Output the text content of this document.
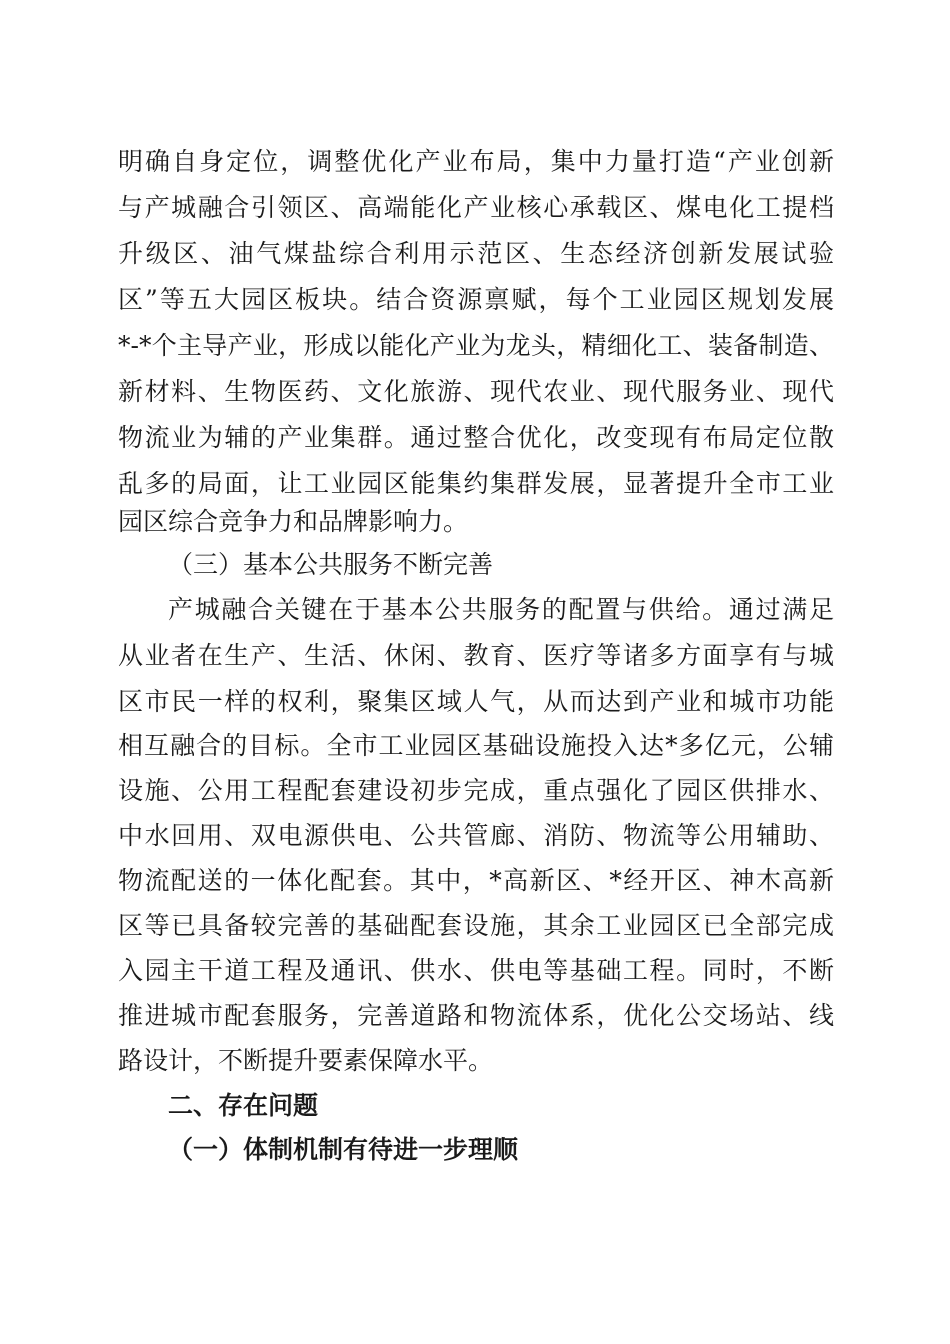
明确自身定位，调整优化产业布局，集中力量打造“产业创新
与产城融合引领区、高端能化产业核心承载区、煤电化工提档
升级区、油气煤盐综合利用示范区、生态经济创新发展试验
区”等五大园区板块。结合资源禀赋，每个工业园区规划发展
*-*个主导产业，形成以能化产业为龙头，精细化工、装备制造、
新材料、生物医药、文化旅游、现代农业、现代服务业、现代
物流业为辅的产业集群。通过整合优化，改变现有布局定位散
乱多的局面，让工业园区能集约集群发展，显著提升全市工业
园区综合竞争力和品牌影响力。
（三）基本公共服务不断完善
产城融合关键在于基本公共服务的配置与供给。通过满足
从业者在生产、生活、休闲、教育、医疗等诸多方面享有与城
区市民一样的权利，聚集区域人气，从而达到产业和城市功能
相互融合的目标。全市工业园区基础设施投入达*多亿元，公辅
设施、公用工程配套建设初步完成，重点强化了园区供排水、
中水回用、双电源供电、公共管廊、消防、物流等公用辅助、
物流配送的一体化配套。其中，*高新区、*经开区、神木高新
区等已具备较完善的基础配套设施，其余工业园区已全部完成
入园主干道工程及通讯、供水、供电等基础工程。同时，不断
推进城市配套服务，完善道路和物流体系，优化公交场站、线
路设计，不断提升要素保障水平。
二、存在问题
（一）体制机制有待进一步理顺
